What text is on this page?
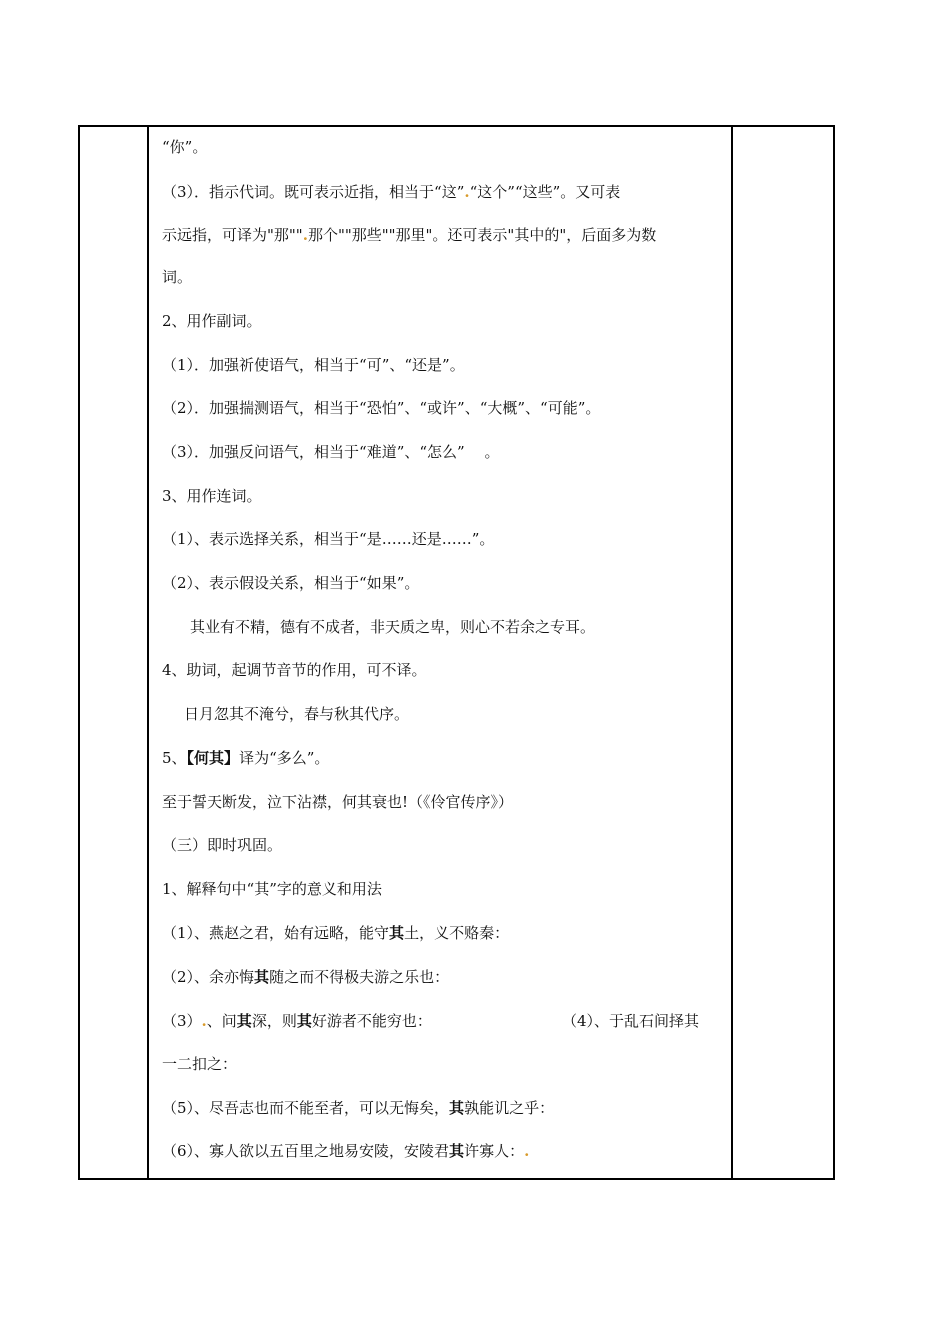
“你”。
（3）．指示代词。既可表示近指，相当于“这”.“这个”“这些”。又可表
示远指，可译为"那"".那个""那些""那里"。还可表示"其中的"，后面多为数
词。
2、用作副词。
（1）．加强祈使语气，相当于“可”、“还是”。
（2）．加强揣测语气，相当于“恐怕”、“或许”、“大概”、“可能”。
（3）．加强反问语气，相当于“难道”、“怎么”　 。
3、用作连词。
（1）、表示选择关系，相当于“是……还是……”。
（2）、表示假设关系，相当于“如果”。
其业有不精，德有不成者，非天质之卑，则心不若余之专耳。
4、助词，起调节音节的作用，可不译。
日月忽其不淹兮，春与秋其代序。
5、【何其】译为“多么”。
至于誓天断发，泣下沾襟，何其衰也!（《伶官传序》）
（三）即时巩固。
1、解释句中“其”字的意义和用法
（1）、燕赵之君，始有远略，能守其土，义不赂秦：
（2）、余亦悔其随之而不得极夫游之乐也：
（3）.、问其深，则其好游者不能穷也：	（4）、于乱石间择其
一二扣之：
（5）、尽吾志也而不能至者，可以无悔矣，其孰能讥之乎：
（6）、寡人欲以五百里之地易安陵，安陵君其许寡人：.
